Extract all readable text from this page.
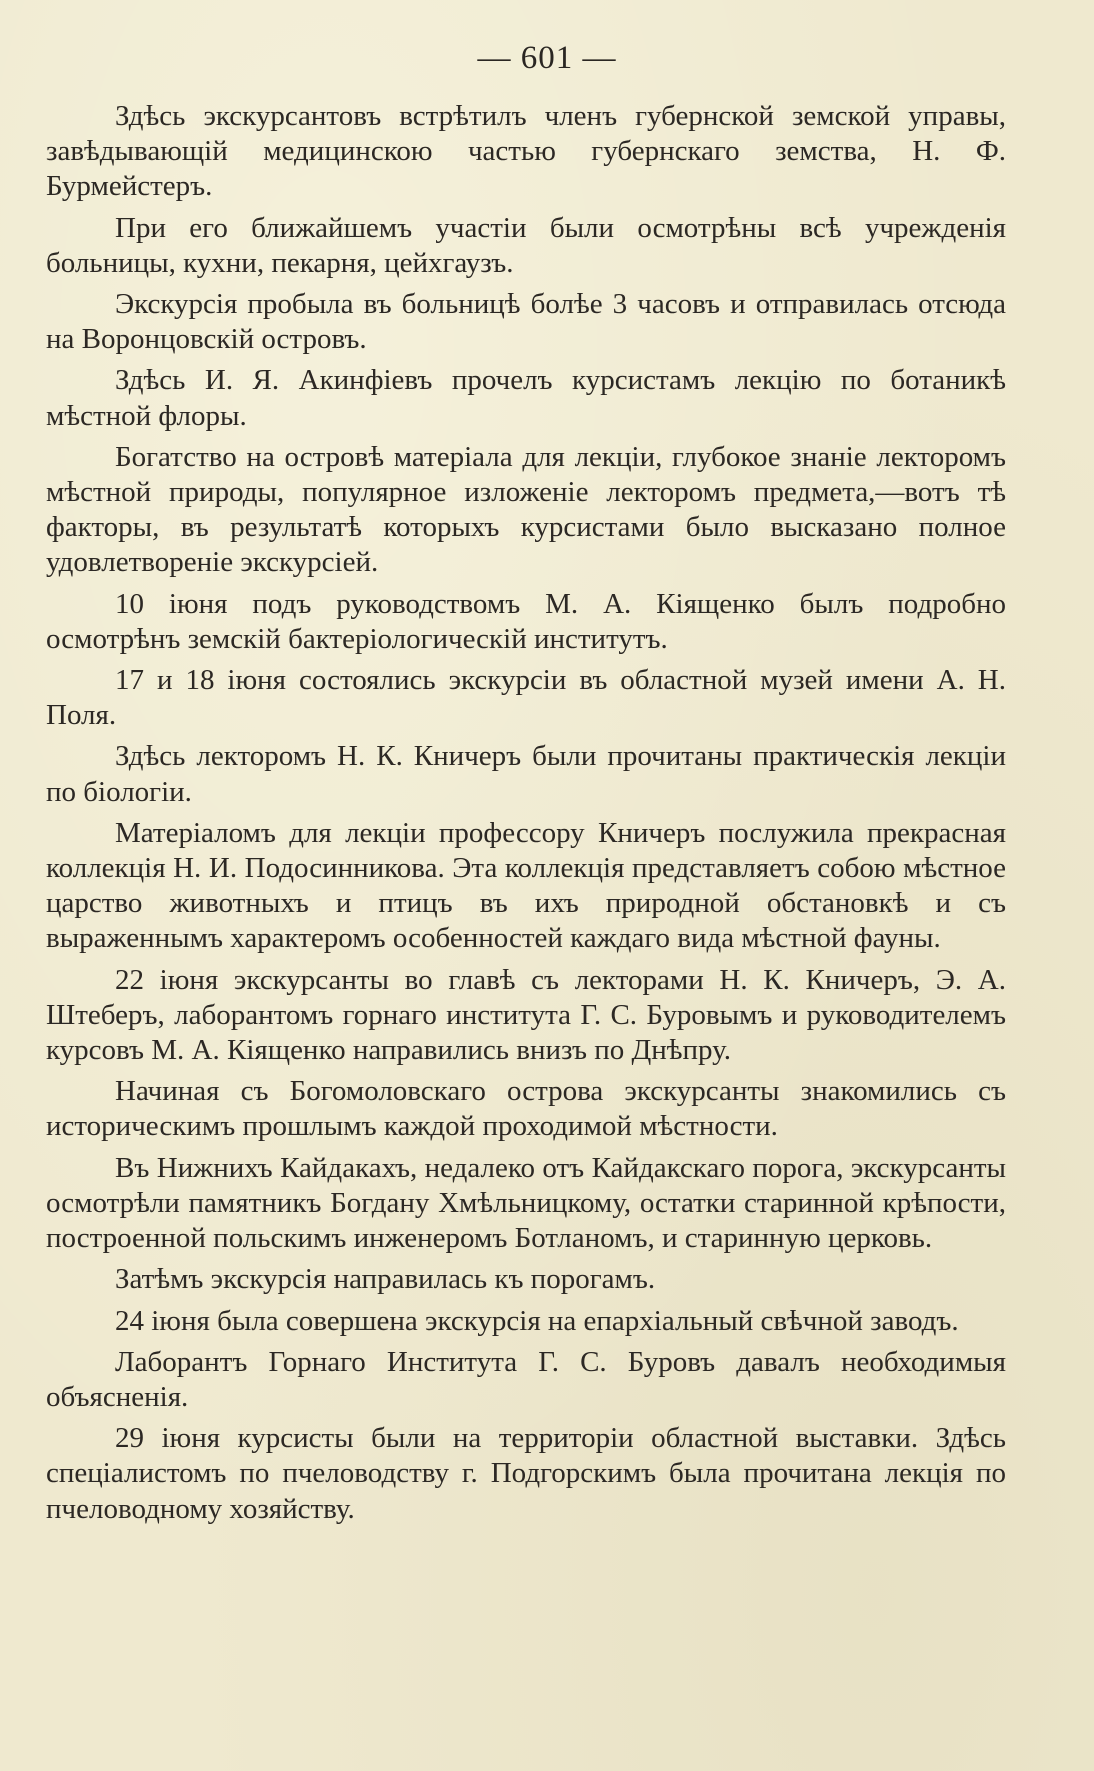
— 601 —

Здѣсь экскурсантовъ встрѣтилъ членъ губернской земской управы, завѣдывающій медицинскою частью губернскаго земства, Н. Ф. Бурмейстеръ.

При его ближайшемъ участіи были осмотрѣны всѣ учрежденія больницы, кухни, пекарня, цейхгаузъ.

Экскурсія пробыла въ больницѣ болѣе 3 часовъ и отправилась отсюда на Воронцовскій островъ.

Здѣсь И. Я. Акинфіевъ прочелъ курсистамъ лекцію по ботаникѣ мѣстной флоры.

Богатство на островѣ матеріала для лекціи, глубокое знаніе лекторомъ мѣстной природы, популярное изложеніе лекторомъ предмета,—вотъ тѣ факторы, въ результатѣ которыхъ курсистами было высказано полное удовлетвореніе экскурсіей.

10 іюня подъ руководствомъ М. А. Кіященко былъ подробно осмотрѣнъ земскій бактеріологическій институтъ.

17 и 18 іюня состоялись экскурсіи въ областной музей имени А. Н. Поля.

Здѣсь лекторомъ Н. К. Кничеръ были прочитаны практическія лекціи по біологіи.

Матеріаломъ для лекціи профессору Кничеръ послужила прекрасная коллекція Н. И. Подосинникова. Эта коллекція представляетъ собою мѣстное царство животныхъ и птицъ въ ихъ природной обстановкѣ и съ выраженнымъ характеромъ особенностей каждаго вида мѣстной фауны.

22 іюня экскурсанты во главѣ съ лекторами Н. К. Кничеръ, Э. А. Штеберъ, лаборантомъ горнаго института Г. С. Буровымъ и руководителемъ курсовъ М. А. Кіященко направились внизъ по Днѣпру.

Начиная съ Богомоловскаго острова экскурсанты знакомились съ историческимъ прошлымъ каждой проходимой мѣстности.

Въ Нижнихъ Кайдакахъ, недалеко отъ Кайдакскаго порога, экскурсанты осмотрѣли памятникъ Богдану Хмѣльницкому, остатки старинной крѣпости, построенной польскимъ инженеромъ Ботланомъ, и старинную церковь.

Затѣмъ экскурсія направилась къ порогамъ.

24 іюня была совершена экскурсія на епархіальный свѣчной заводъ.

Лаборантъ Горнаго Института Г. С. Буровъ давалъ необходимыя объясненія.

29 іюня курсисты были на территоріи областной выставки. Здѣсь спеціалистомъ по пчеловодству г. Подгорскимъ была прочитана лекція по пчеловодному хозяйству.
